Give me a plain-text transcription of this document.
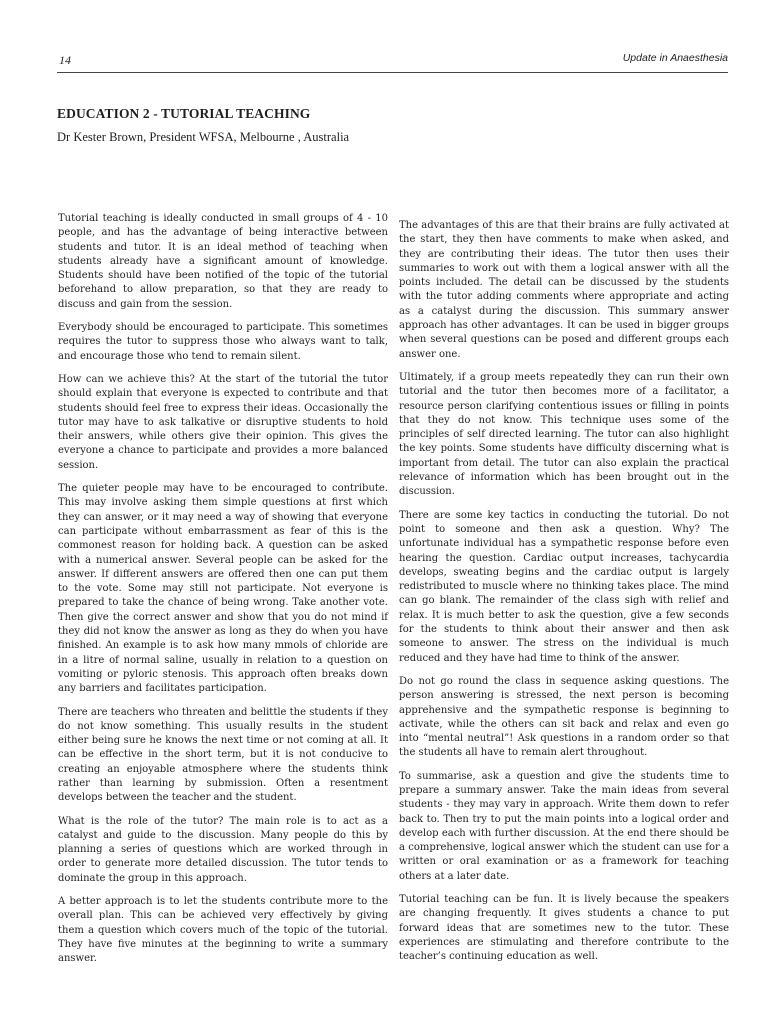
14	Update in Anaesthesia
EDUCATION 2 - TUTORIAL TEACHING

Dr Kester Brown, President WFSA, Melbourne , Australia

Tutorial teaching is ideally conducted in small groups of 4 - 10 people, and has the advantage of being interactive between students and tutor. It is an ideal method of teaching when students already have a significant amount of knowledge. Students should have been notified of the topic of the tutorial beforehand to allow preparation, so that they are ready to discuss and gain from the session.

Everybody should be encouraged to participate. This sometimes requires the tutor to suppress those who always want to talk, and encourage those who tend to remain silent.

How can we achieve this? At the start of the tutorial the tutor should explain that everyone is expected to contribute and that students should feel free to express their ideas. Occasionally the tutor may have to ask talkative or disruptive students to hold their answers, while others give their opinion. This gives the everyone a chance to participate and provides a more balanced session.

The quieter people may have to be encouraged to contribute. This may involve asking them simple questions at first which they can answer, or it may need a way of showing that everyone can participate without embarrassment as fear of this is the commonest reason for holding back. A question can be asked with a numerical answer. Several people can be asked for the answer. If different answers are offered then one can put them to the vote. Some may still not participate. Not everyone is prepared to take the chance of being wrong. Take another vote. Then give the correct answer and show that you do not mind if they did not know the answer as long as they do when you have finished. An example is to ask how many mmols of chloride are in a litre of normal saline, usually in relation to a question on vomiting or pyloric stenosis. This approach often breaks down any barriers and facilitates participation.

There are teachers who threaten and belittle the students if they do not know something. This usually results in the student either being sure he knows the next time or not coming at all. It can be effective in the short term, but it is not conducive to creating an enjoyable atmosphere where the students think rather than learning by submission. Often a resentment develops between the teacher and the student.

What is the role of the tutor? The main role is to act as a catalyst and guide to the discussion. Many people do this by planning a series of questions which are worked through in order to generate more detailed discussion. The tutor tends to dominate the group in this approach.

A better approach is to let the students contribute more to the overall plan. This can be achieved very effectively by giving them a question which covers much of the topic of the tutorial. They have five minutes at the beginning to write a summary answer.

The advantages of this are that their brains are fully activated at the start, they then have comments to make when asked, and they are contributing their ideas. The tutor then uses their summaries to work out with them a logical answer with all the points included. The detail can be discussed by the students with the tutor adding comments where appropriate and acting as a catalyst during the discussion. This summary answer approach has other advantages. It can be used in bigger groups when several questions can be posed and different groups each answer one.

Ultimately, if a group meets repeatedly they can run their own tutorial and the tutor then becomes more of a facilitator, a resource person clarifying contentious issues or filling in points that they do not know. This technique uses some of the principles of self directed learning. The tutor can also highlight the key points. Some students have difficulty discerning what is important from detail. The tutor can also explain the practical relevance of information which has been brought out in the discussion.

There are some key tactics in conducting the tutorial. Do not point to someone and then ask a question. Why? The unfortunate individual has a sympathetic response before even hearing the question. Cardiac output increases, tachycardia develops, sweating begins and the cardiac output is largely redistributed to muscle where no thinking takes place. The mind can go blank. The remainder of the class sigh with relief and relax. It is much better to ask the question, give a few seconds for the students to think about their answer and then ask someone to answer. The stress on the individual is much reduced and they have had time to think of the answer.

Do not go round the class in sequence asking questions. The person answering is stressed, the next person is becoming apprehensive and the sympathetic response is beginning to activate, while the others can sit back and relax and even go into “mental neutral”! Ask questions in a random order so that the students all have to remain alert throughout.

To summarise, ask a question and give the students time to prepare a summary answer. Take the main ideas from several students - they may vary in approach. Write them down to refer back to. Then try to put the main points into a logical order and develop each with further discussion. At the end there should be a comprehensive, logical answer which the student can use for a written or oral examination or as a framework for teaching others at a later date.

Tutorial teaching can be fun. It is lively because the speakers are changing frequently. It gives students a chance to put forward ideas that are sometimes new to the tutor. These experiences are stimulating and therefore contribute to the teacher’s continuing education as well.
